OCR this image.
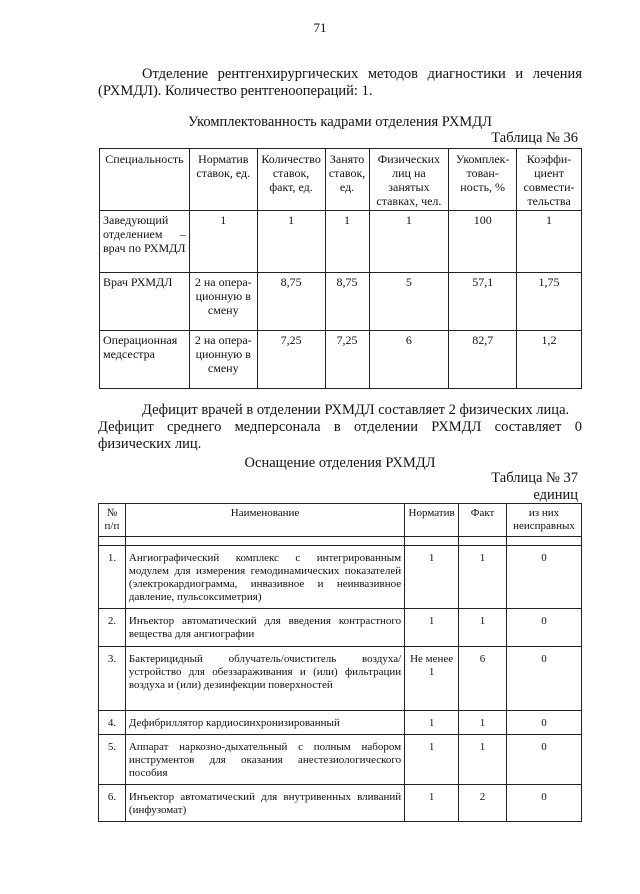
71
Отделение рентгенхирургических методов диагностики и лечения (РХМДЛ). Количество рентгеноопераций: 1.
Укомплектованность кадрами отделения РХМДЛ
Таблица № 36
Специальность	Норматив ставок, ед.	Количество ставок, факт, ед.	Занято ставок, ед.	Физических лиц на занятых ставках, чел.	Укомплек-тован-ность, %	Коэффи-циент совмести-тельства
Заведующий отделением – врач по РХМДЛ	1	1	1	1	100	1
Врач РХМДЛ	2 на опера-ционную в смену	8,75	8,75	5	57,1	1,75
Операционная медсестра	2 на опера-ционную в смену	7,25	7,25	6	82,7	1,2
Дефицит врачей в отделении РХМДЛ составляет 2 физических лица.
Дефицит среднего медперсонала в отделении РХМДЛ составляет 0 физических лиц.
Оснащение отделения РХМДЛ
Таблица № 37
единиц
№ п/п	Наименование	Норматив	Факт	из них неисправных

1.	Ангиографический комплекс с интегрированным модулем для измерения гемодинамических показателей (электрокардиограмма, инвазивное и неинвазивное давление, пульсоксиметрия)	1	1	0
2.	Инъектор автоматический для введения контрастного вещества для ангиографии	1	1	0
3.	Бактерицидный облучатель/очиститель воздуха/устройство для обеззараживания и (или) фильтрации воздуха и (или) дезинфекции поверхностей	Не менее 1	6	0
4.	Дефибриллятор кардиосинхронизированный	1	1	0
5.	Аппарат наркозно-дыхательный с полным набором инструментов для оказания анестезиологического пособия	1	1	0
6.	Инъектор автоматический для внутривенных вливаний (инфузомат)	1	2	0
